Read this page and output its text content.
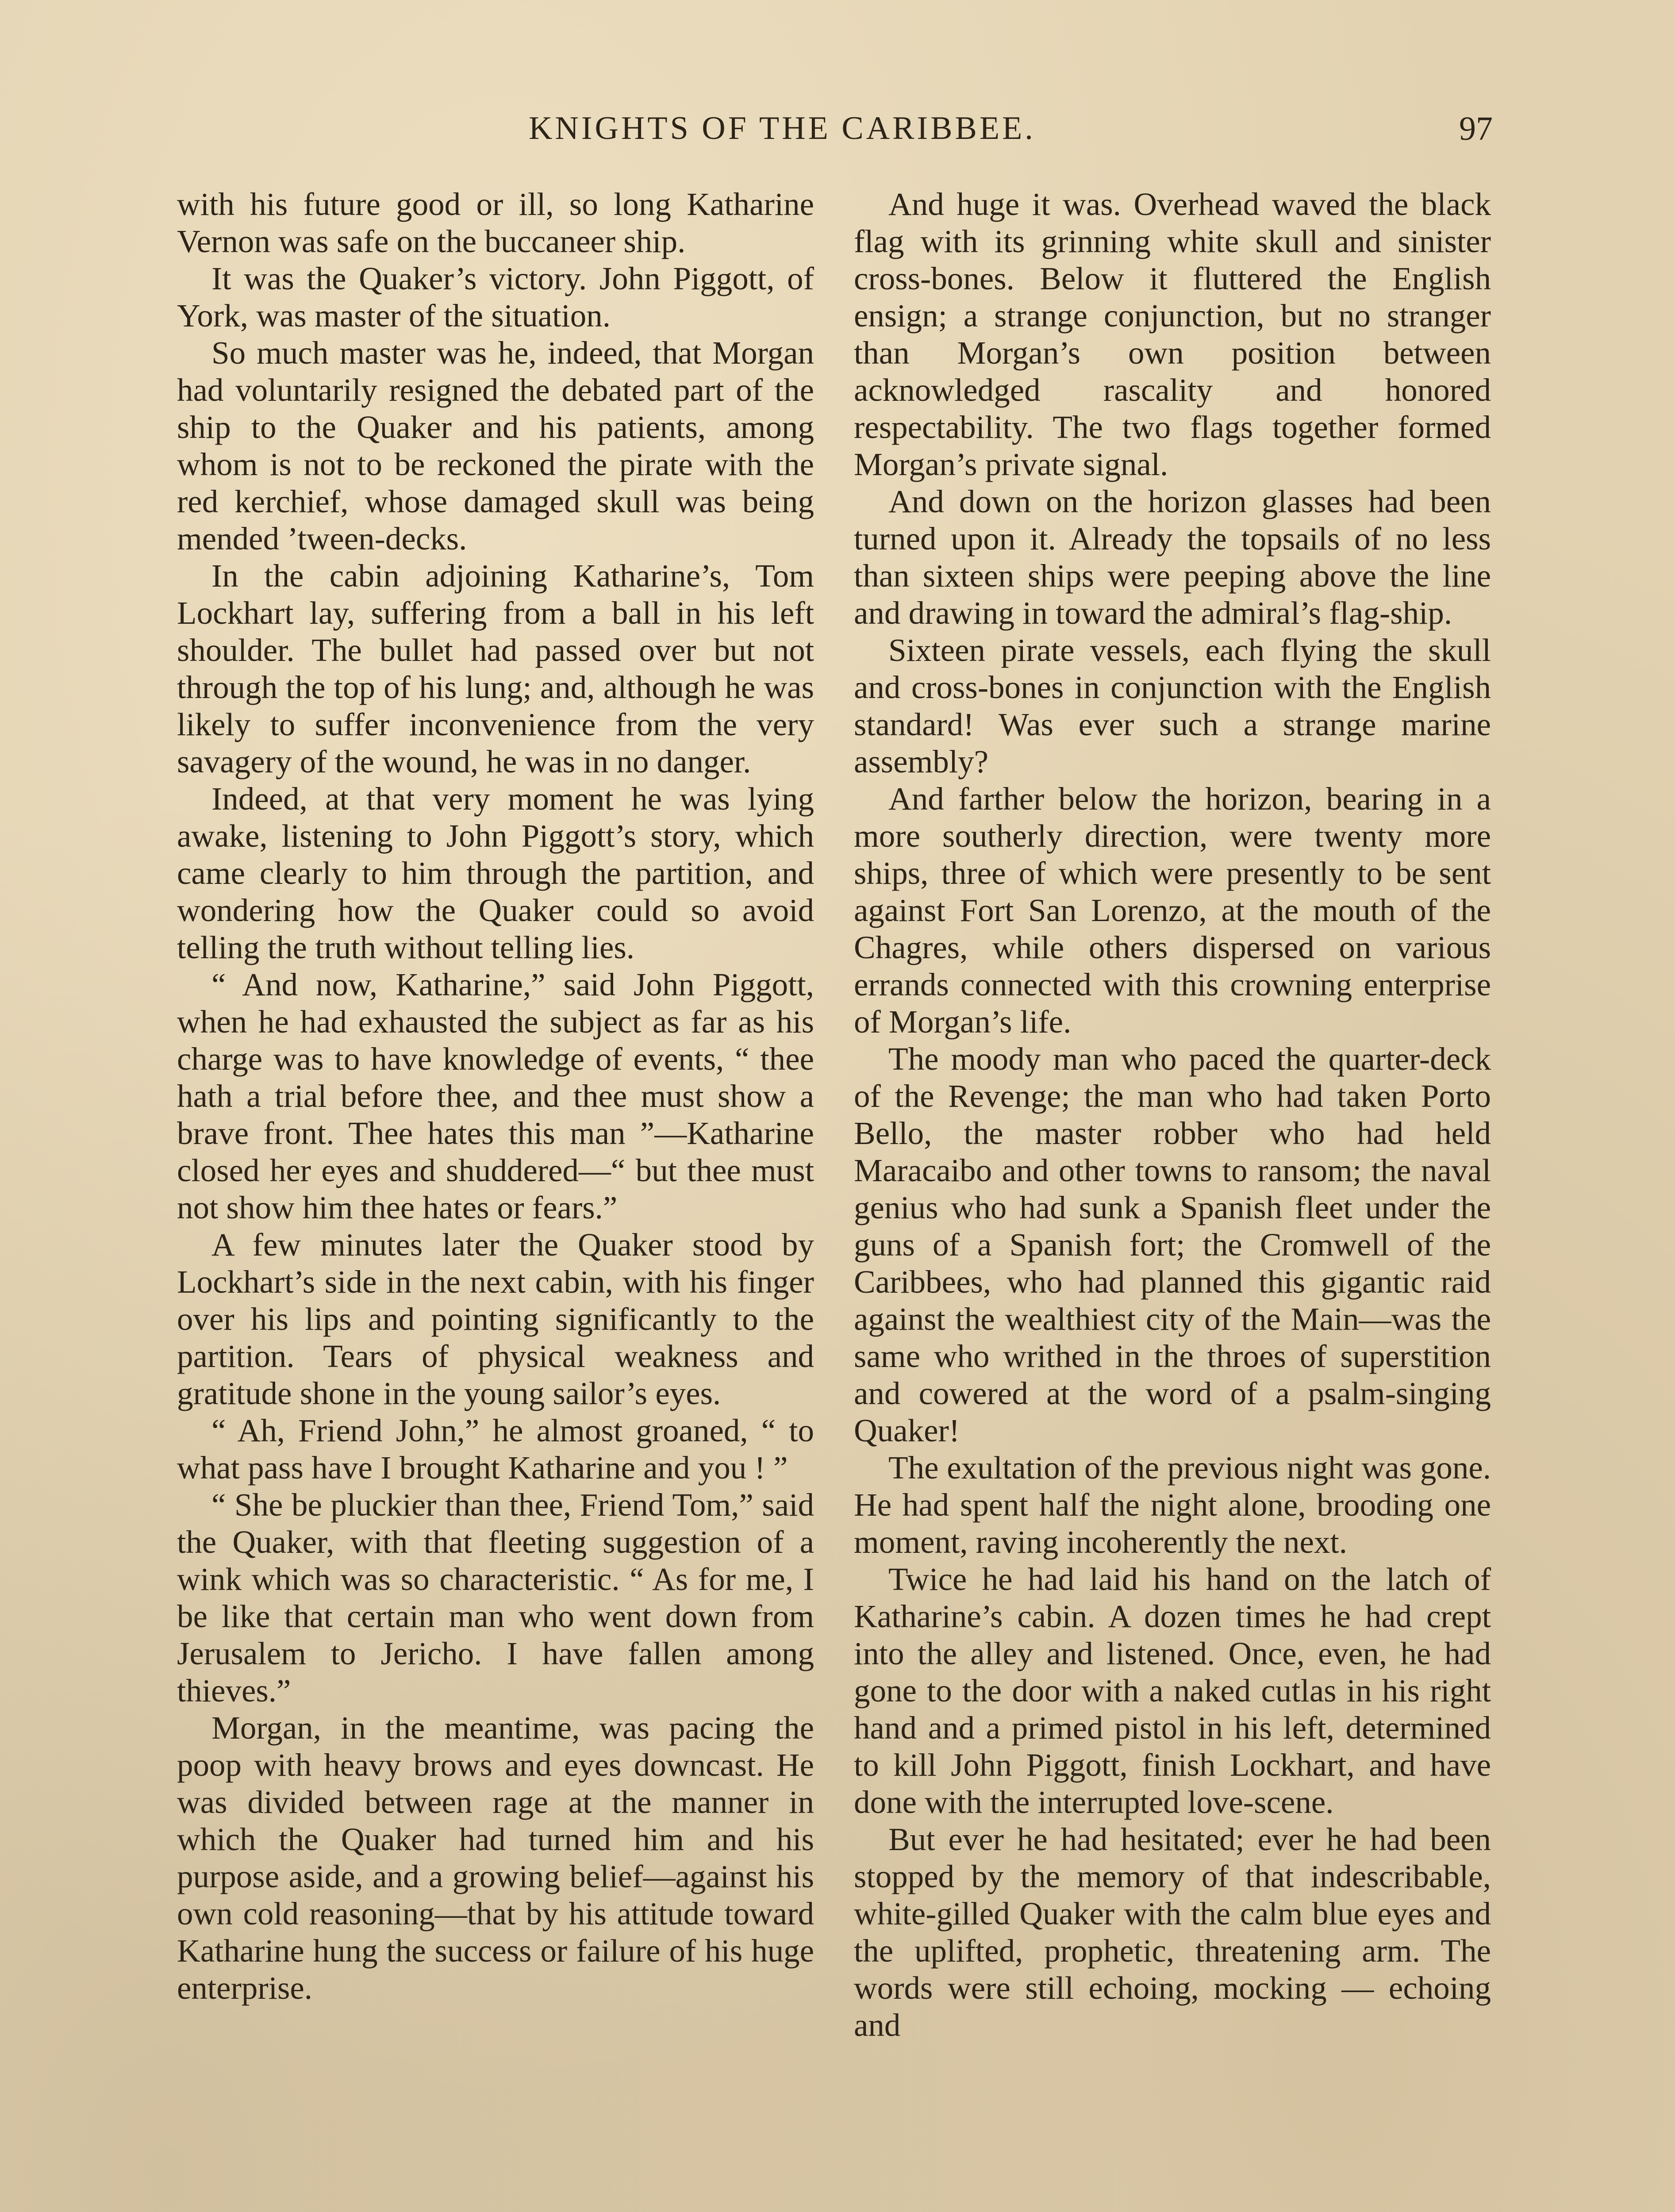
KNIGHTS OF THE CARIBBEE.	97

with his future good or ill, so long Katharine Vernon was safe on the buccaneer ship.

It was the Quaker’s victory. John Piggott, of York, was master of the situation.

So much master was he, indeed, that Morgan had voluntarily resigned the debated part of the ship to the Quaker and his patients, among whom is not to be reckoned the pirate with the red kerchief, whose damaged skull was being mended ’tween-decks.

In the cabin adjoining Katharine’s, Tom Lockhart lay, suffering from a ball in his left shoulder. The bullet had passed over but not through the top of his lung; and, although he was likely to suffer inconvenience from the very savagery of the wound, he was in no danger.

Indeed, at that very moment he was lying awake, listening to John Piggott’s story, which came clearly to him through the partition, and wondering how the Quaker could so avoid telling the truth without telling lies.

“ And now, Katharine,” said John Piggott, when he had exhausted the subject as far as his charge was to have knowledge of events, “ thee hath a trial before thee, and thee must show a brave front. Thee hates this man ”—Katharine closed her eyes and shuddered—“ but thee must not show him thee hates or fears.”

A few minutes later the Quaker stood by Lockhart’s side in the next cabin, with his finger over his lips and pointing significantly to the partition. Tears of physical weakness and gratitude shone in the young sailor’s eyes.

“ Ah, Friend John,” he almost groaned, “ to what pass have I brought Katharine and you ! ”

“ She be pluckier than thee, Friend Tom,” said the Quaker, with that fleeting suggestion of a wink which was so characteristic. “ As for me, I be like that certain man who went down from Jerusalem to Jericho. I have fallen among thieves.”

Morgan, in the meantime, was pacing the poop with heavy brows and eyes downcast. He was divided between rage at the manner in which the Quaker had turned him and his purpose aside, and a growing belief—against his own cold reasoning—that by his attitude toward Katharine hung the success or failure of his huge enterprise.

And huge it was. Overhead waved the black flag with its grinning white skull and sinister cross-bones. Below it fluttered the English ensign; a strange conjunction, but no stranger than Morgan’s own position between acknowledged rascality and honored respectability. The two flags together formed Morgan’s private signal.

And down on the horizon glasses had been turned upon it. Already the topsails of no less than sixteen ships were peeping above the line and drawing in toward the admiral’s flag-ship.

Sixteen pirate vessels, each flying the skull and cross-bones in conjunction with the English standard! Was ever such a strange marine assembly?

And farther below the horizon, bearing in a more southerly direction, were twenty more ships, three of which were presently to be sent against Fort San Lorenzo, at the mouth of the Chagres, while others dispersed on various errands connected with this crowning enterprise of Morgan’s life.

The moody man who paced the quarter-deck of the Revenge; the man who had taken Porto Bello, the master robber who had held Maracaibo and other towns to ransom; the naval genius who had sunk a Spanish fleet under the guns of a Spanish fort; the Cromwell of the Caribbees, who had planned this gigantic raid against the wealthiest city of the Main—was the same who writhed in the throes of superstition and cowered at the word of a psalm-singing Quaker!

The exultation of the previous night was gone. He had spent half the night alone, brooding one moment, raving incoherently the next.

Twice he had laid his hand on the latch of Katharine’s cabin. A dozen times he had crept into the alley and listened. Once, even, he had gone to the door with a naked cutlas in his right hand and a primed pistol in his left, determined to kill John Piggott, finish Lockhart, and have done with the interrupted love-scene.

But ever he had hesitated; ever he had been stopped by the memory of that indescribable, white-gilled Quaker with the calm blue eyes and the uplifted, prophetic, threatening arm. The words were still echoing, mocking — echoing and
